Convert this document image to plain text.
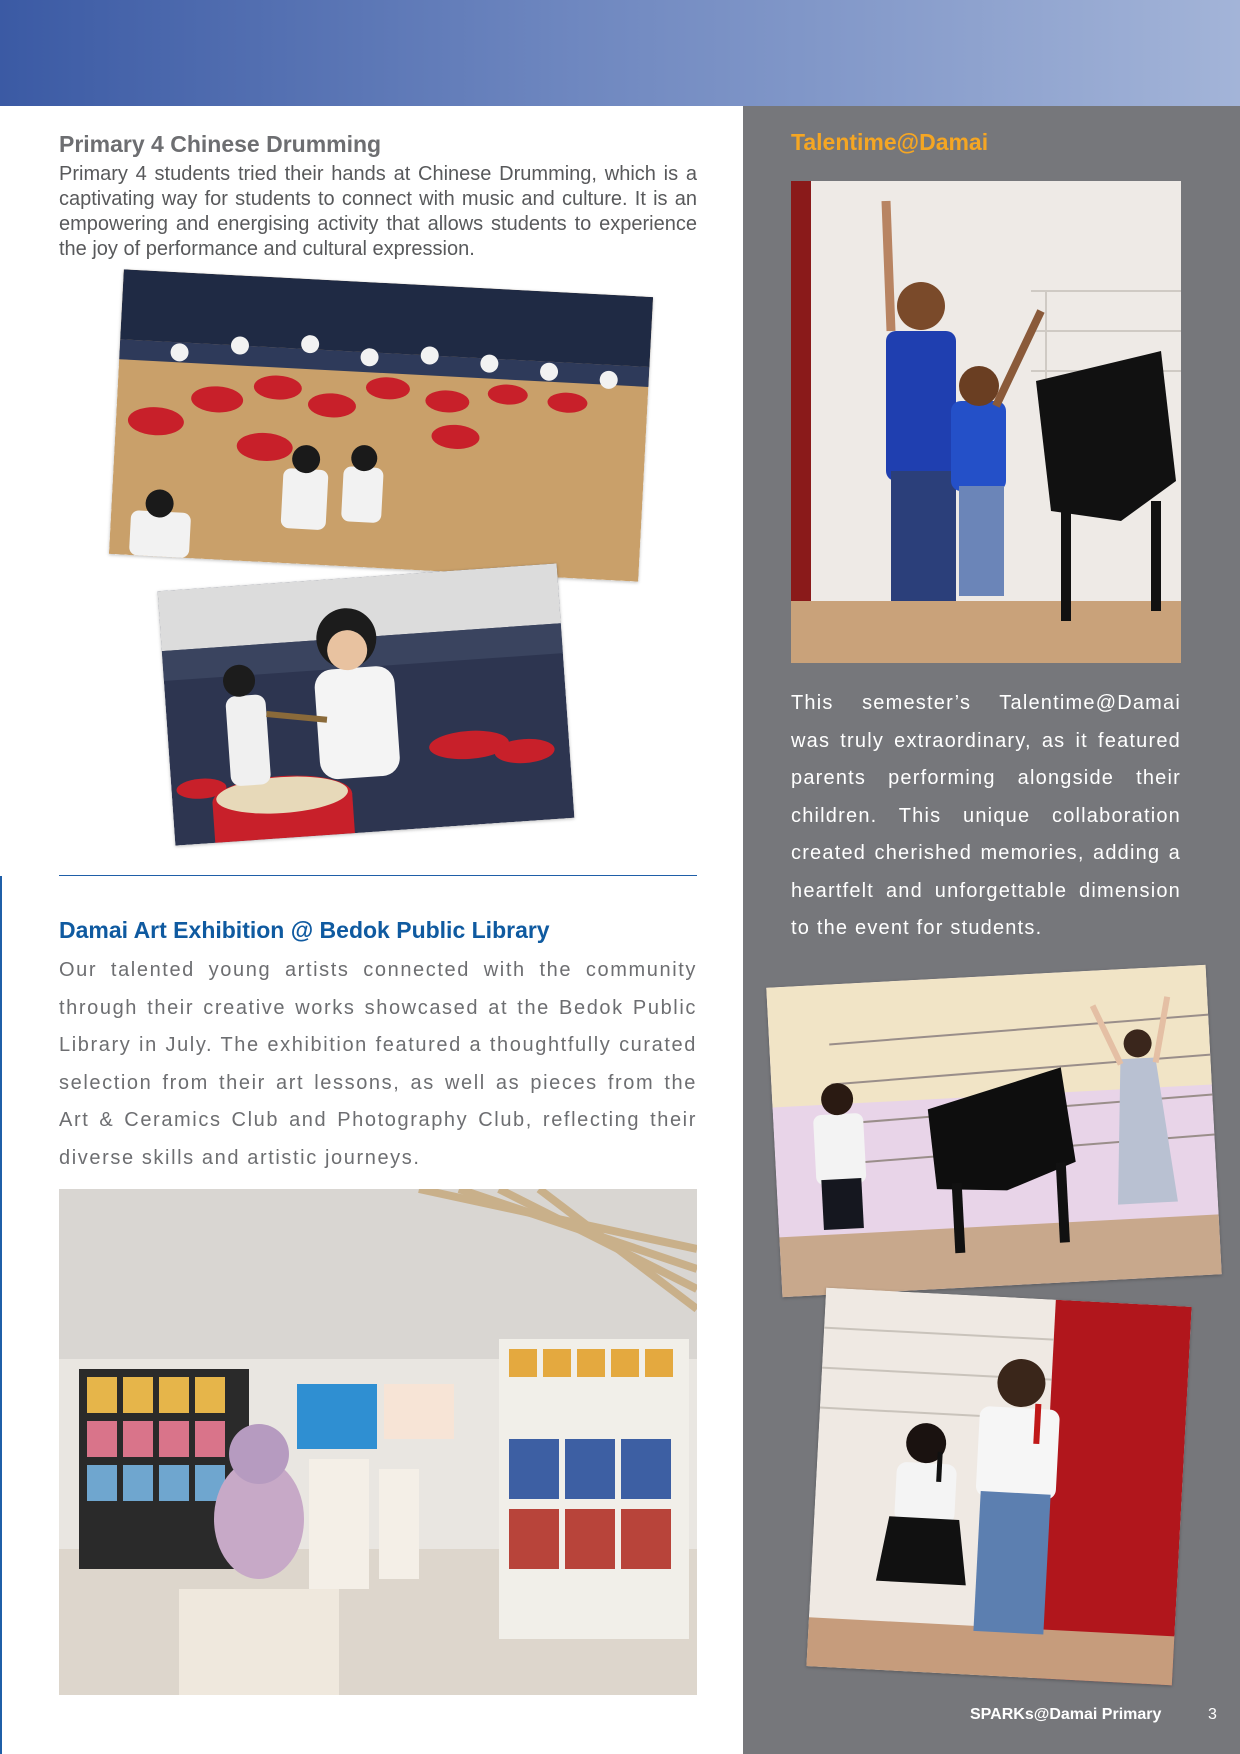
Primary 4 Chinese Drumming

Primary 4 students tried their hands at Chinese Drumming, which is a captivating way for students to connect with music and culture. It is an empowering and energising activity that allows students to experience the joy of performance and cultural expression.

Damai Art Exhibition @ Bedok Public Library

Our talented young artists connected with the community through their creative works showcased at the Bedok Public Library in July. The exhibition featured a thoughtfully curated selection from their art lessons, as well as pieces from the Art & Ceramics Club and Photography Club, reflecting their diverse skills and artistic journeys.

Talentime@Damai

This semester’s Talentime@Damai was truly extraordinary, as it featured parents performing alongside their children. This unique collaboration created cherished memories, adding a heartfelt and unforgettable dimension to the event for students.

SPARKs@Damai Primary	3
